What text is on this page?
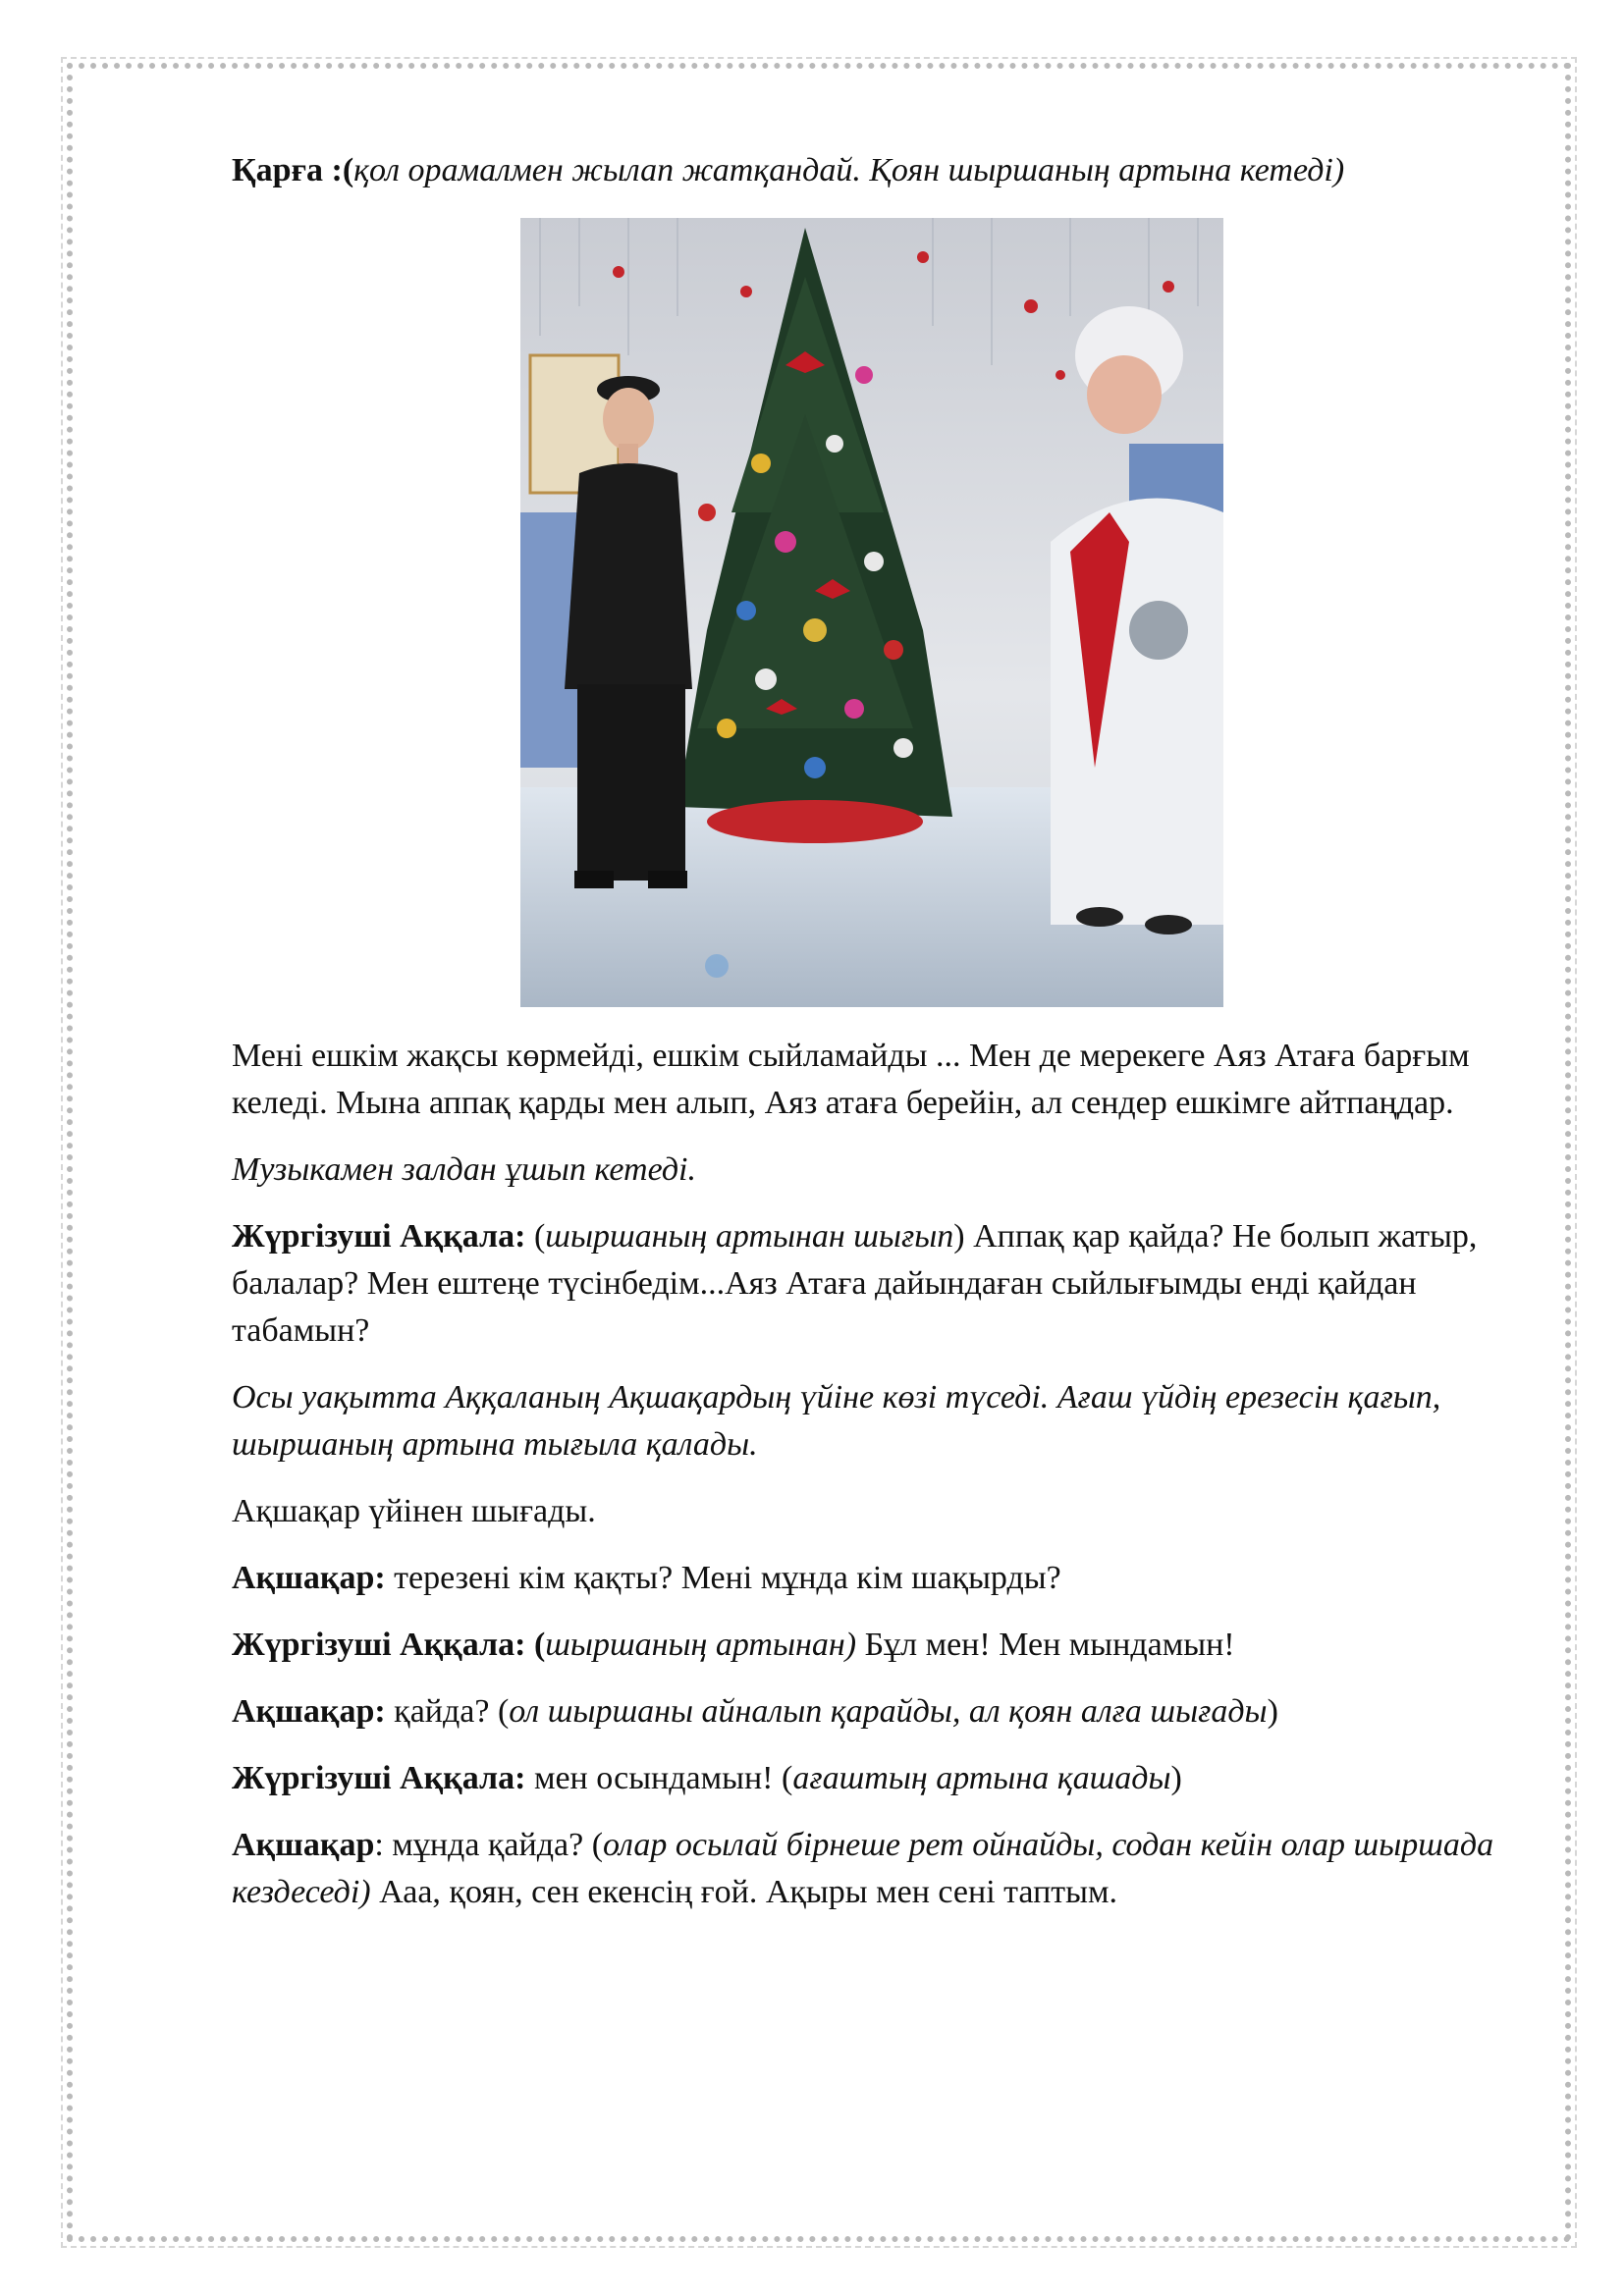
Қарға :(қол орамалмен жылап жатқандай. Қоян шыршаның артына кетеді)

Мені ешкім жақсы көрмейді, ешкім сыйламайды ... Мен де мерекеге Аяз Атаға барғым келеді. Мына аппақ қарды мен алып, Аяз атаға берейін, ал сендер ешкімге айтпаңдар.

Музыкамен залдан ұшып кетеді.

Жүргізуші Аққала: (шыршаның артынан шығып) Аппақ қар қайда? Не болып жатыр, балалар? Мен ештеңе түсінбедім...Аяз Атаға дайындаған сыйлығымды енді қайдан табамын?

Осы уақытта Аққаланың Ақшақардың үйіне көзі түседі. Ағаш үйдің ерезесін қағып, шыршаның артына тығыла қалады.

Ақшақар үйінен шығады.

Ақшақар: терезені кім қақты? Мені мұнда кім шақырды?

Жүргізуші Аққала: (шыршаның артынан) Бұл мен! Мен мындамын!

Ақшақар: қайда? (ол шыршаны айналып қарайды, ал қоян алға шығады)

Жүргізуші Аққала: мен осындамын! (ағаштың артына қашады)

Ақшақар: мұнда қайда? (олар осылай бірнеше рет ойнайды, содан кейін олар шыршада кездеседі) Ааа, қоян, сен екенсің ғой. Ақыры мен сені таптым.
